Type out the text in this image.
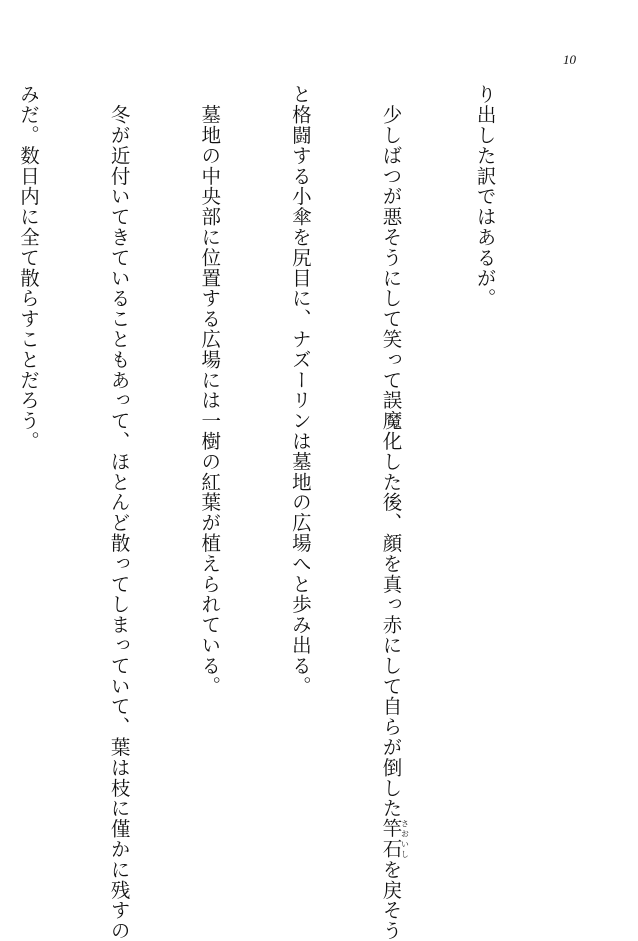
10

り出した訳ではあるが。

　少しばつが悪そうにして笑って誤魔化した後、顔を真っ赤にして自らが倒した竿石さおいしを戻そう

と格闘する小傘を尻目に、ナズーリンは墓地の広場へと歩み出る。

　墓地の中央部に位置する広場には一樹の紅葉が植えられている。

　冬が近付いてきていることもあって、ほとんど散ってしまっていて、葉は枝に僅かに残すの

みだ。数日内に全て散らすことだろう。
